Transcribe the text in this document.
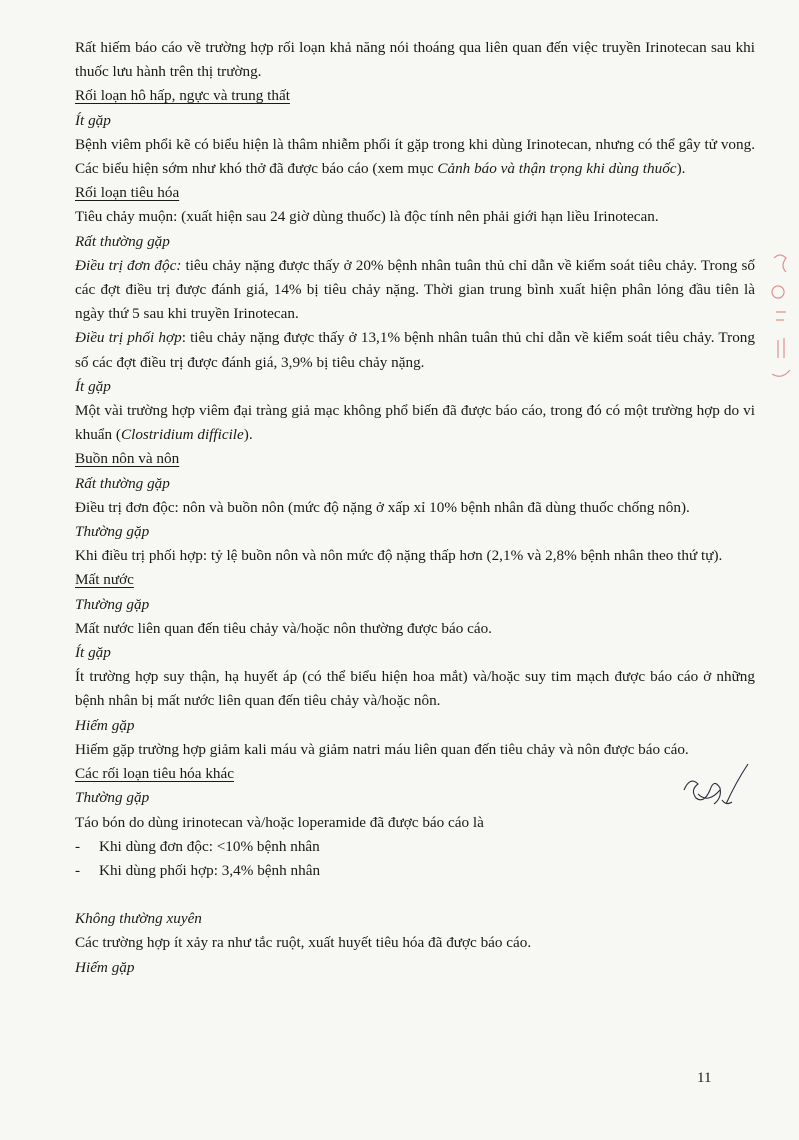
Rất hiếm báo cáo về trường hợp rối loạn khả năng nói thoáng qua liên quan đến việc truyền Irinotecan sau khi thuốc lưu hành trên thị trường.

Rối loạn hô hấp, ngực và trung thất

Ít gặp

Bệnh viêm phổi kẽ có biểu hiện là thâm nhiễm phổi ít gặp trong khi dùng Irinotecan, nhưng có thể gây tử vong. Các biểu hiện sớm như khó thở đã được báo cáo (xem mục Cảnh báo và thận trọng khi dùng thuốc).

Rối loạn tiêu hóa

Tiêu chảy muộn: (xuất hiện sau 24 giờ dùng thuốc) là độc tính nên phải giới hạn liều Irinotecan.

Rất thường gặp

Điều trị đơn độc: tiêu chảy nặng được thấy ở 20% bệnh nhân tuân thủ chỉ dẫn về kiểm soát tiêu chảy. Trong số các đợt điều trị được đánh giá, 14% bị tiêu chảy nặng. Thời gian trung bình xuất hiện phân lỏng đầu tiên là ngày thứ 5 sau khi truyền Irinotecan.

Điều trị phối hợp: tiêu chảy nặng được thấy ở 13,1% bệnh nhân tuân thủ chỉ dẫn về kiểm soát tiêu chảy. Trong số các đợt điều trị được đánh giá, 3,9% bị tiêu chảy nặng.

Ít gặp

Một vài trường hợp viêm đại tràng giả mạc không phổ biến đã được báo cáo, trong đó có một trường hợp do vi khuẩn (Clostridium difficile).

Buồn nôn và nôn

Rất thường gặp

Điều trị đơn độc: nôn và buồn nôn (mức độ nặng ở xấp xỉ 10% bệnh nhân đã dùng thuốc chống nôn).

Thường gặp

Khi điều trị phối hợp: tỷ lệ buồn nôn và nôn mức độ nặng thấp hơn (2,1% và 2,8% bệnh nhân theo thứ tự).

Mất nước

Thường gặp

Mất nước liên quan đến tiêu chảy và/hoặc nôn thường được báo cáo.

Ít gặp

Ít trường hợp suy thận, hạ huyết áp (có thể biểu hiện hoa mắt) và/hoặc suy tim mạch được báo cáo ở những bệnh nhân bị mất nước liên quan đến tiêu chảy và/hoặc nôn.

Hiếm gặp

Hiếm gặp trường hợp giảm kali máu và giảm natri máu liên quan đến tiêu chảy và nôn được báo cáo.

Các rối loạn tiêu hóa khác

Thường gặp

Táo bón do dùng irinotecan và/hoặc loperamide đã được báo cáo là

-	Khi dùng đơn độc: <10% bệnh nhân
-	Khi dùng phối hợp: 3,4% bệnh nhân

Không thường xuyên

Các trường hợp ít xảy ra như tắc ruột, xuất huyết tiêu hóa đã được báo cáo.

Hiếm gặp

11
